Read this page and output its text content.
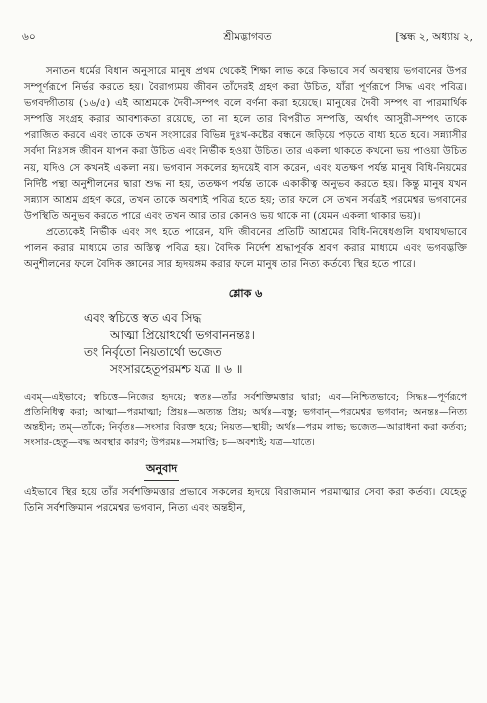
৬০	শ্রীমদ্ভাগবত	[স্কন্ধ ২, অধ্যায় ২,

সনাতন ধর্মের বিধান অনুসারে মানুষ প্রথম থেকেই শিক্ষা লাভ করে কিভাবে সর্ব অবস্থায় ভগবানের উপর সম্পূর্ণরূপে নির্ভর করতে হয়। বৈরাগ্যময় জীবন তাঁদেরই গ্রহণ করা উচিত, যাঁরা পূর্ণরূপে সিদ্ধ এবং পবিত্র। ভগবদ্গীতায় (১৬/৫) এই আশ্রমকে দৈবী-সম্পৎ বলে বর্ণনা করা হয়েছে। মানুষের দৈবী সম্পৎ বা পারমার্থিক সম্পত্তি সংগ্রহ করার আবশ্যকতা রয়েছে, তা না হলে তার বিপরীত সম্পত্তি, অর্থাৎ আসুরী-সম্পৎ তাকে পরাজিত করবে এবং তাকে তখন সংসারের বিভিন্ন দুঃখ-কষ্টের বন্ধনে জড়িয়ে পড়তে বাধ্য হতে হবে। সন্ন্যাসীর সর্বদা নিঃসঙ্গ জীবন যাপন করা উচিত এবং নির্ভীক হওয়া উচিত। তার একলা থাকতে কখনো ভয় পাওয়া উচিত নয়, যদিও সে কখনই একলা নয়। ভগবান সকলের হৃদয়েই বাস করেন, এবং যতক্ষণ পর্যন্ত মানুষ বিধি-নিয়মের নির্দিষ্ট পন্থা অনুশীলনের দ্বারা শুদ্ধ না হয়, ততক্ষণ পর্যন্ত তাকে একাকীত্ব অনুভব করতে হয়। কিন্তু মানুষ যখন সন্ন্যাস আশ্রম গ্রহণ করে, তখন তাকে অবশ্যই পবিত্র হতে হয়; তার ফলে সে তখন সর্বত্রই পরমেশ্বর ভগবানের উপস্থিতি অনুভব করতে পারে এবং তখন আর তার কোনও ভয় থাকে না (যেমন একলা থাকার ভয়)।

প্রত্যেকেই নির্ভীক এবং সৎ হতে পারেন, যদি জীবনের প্রতিটি আশ্রমের বিধি-নিষেধগুলি যথাযথভাবে পালন করার মাধ্যমে তার অস্তিত্ব পবিত্র হয়। বৈদিক নির্দেশ শ্রদ্ধাপূর্বক শ্রবণ করার মাধ্যমে এবং ভগবদ্ভক্তি অনুশীলনের ফলে বৈদিক জ্ঞানের সার হৃদয়ঙ্গম করার ফলে মানুষ তার নিত্য কর্তব্যে স্থির হতে পারে।

শ্লোক ৬
এবং স্বচিত্তে স্বত এব সিদ্ধ
আত্মা প্রিয়োঽর্থো ভগবাননন্তঃ।
তং নির্বৃতো নিয়তার্থো ভজেত
সংসারহেতূপরমশ্চ যত্র ॥ ৬ ॥

এবম্—এইভাবে; স্বচিত্তে—নিজের হৃদয়ে; স্বতঃ—তাঁর সর্বশক্তিমত্তার দ্বারা; এব—নিশ্চিতভাবে; সিদ্ধঃ—পূর্ণরূপে প্রতিনিধিত্ব করা; আত্মা—পরমাত্মা; প্রিয়ঃ—অত্যন্ত প্রিয়; অর্থঃ—বস্তু; ভগবান্—পরমেশ্বর ভগবান; অনন্তঃ—নিত্য অন্তহীন; তম্—তাঁকে; নির্বৃতঃ—সংসার বিরক্ত হয়ে; নিয়ত—স্থায়ী; অর্থঃ—পরম লাভ; ভজেত—আরাধনা করা কর্তব্য; সংসার-হেতু—বদ্ধ অবস্থার কারণ; উপরমঃ—সমাপ্তি; চ—অবশ্যই; যত্র—যাতে।

অনুবাদ

এইভাবে স্থির হয়ে তাঁর সর্বশক্তিমত্তার প্রভাবে সকলের হৃদয়ে বিরাজমান পরমাত্মার সেবা করা কর্তব্য। যেহেতু তিনি সর্বশক্তিমান পরমেশ্বর ভগবান, নিত্য এবং অন্তহীন,
